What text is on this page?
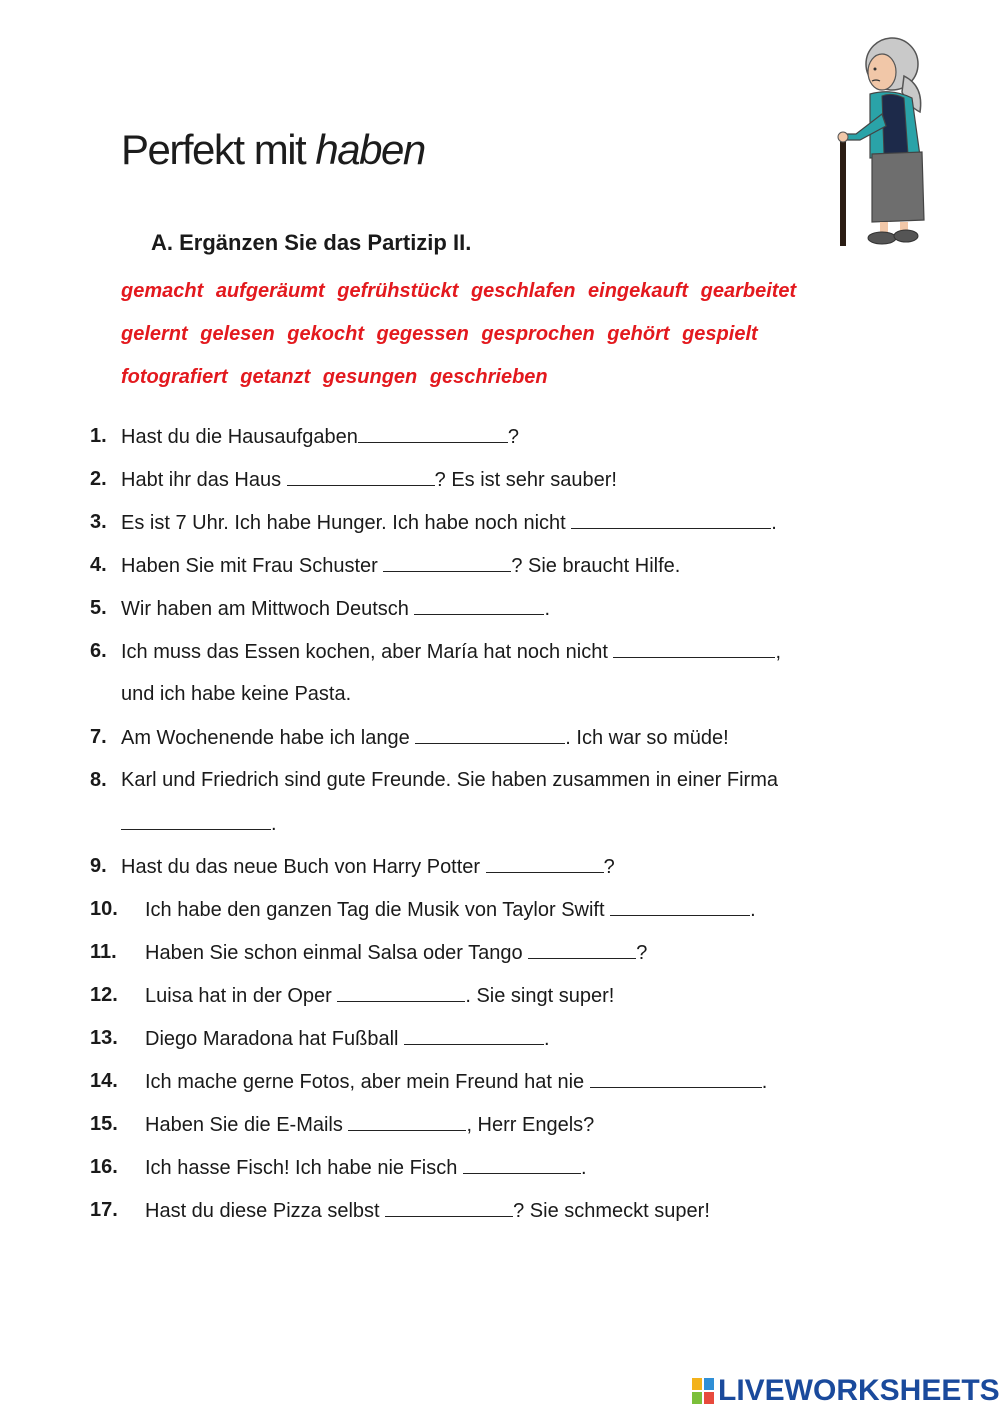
Perfekt mit haben
A. Ergänzen Sie das Partizip II.
gemacht aufgeräumt gefrühstückt geschlafen eingekauft gearbeitet
gelernt gelesen gekocht gegessen gesprochen gehört gespielt
fotografiert getanzt gesungen geschrieben
1. Hast du die Hausaufgaben	?
2. Habt ihr das Haus	? Es ist sehr sauber!
3. Es ist 7 Uhr. Ich habe Hunger. Ich habe noch nicht	.
4. Haben Sie mit Frau Schuster	? Sie braucht Hilfe.
5. Wir haben am Mittwoch Deutsch	.
6. Ich muss das Essen kochen, aber María hat noch nicht	,
und ich habe keine Pasta.
7. Am Wochenende habe ich lange	. Ich war so müde!
8. Karl und Friedrich sind gute Freunde. Sie haben zusammen in einer Firma
.
9. Hast du das neue Buch von Harry Potter	?
10. Ich habe den ganzen Tag die Musik von Taylor Swift	.
11. Haben Sie schon einmal Salsa oder Tango	?
12. Luisa hat in der Oper	. Sie singt super!
13. Diego Maradona hat Fußball	.
14. Ich mache gerne Fotos, aber mein Freund hat nie	.
15. Haben Sie die E-Mails	, Herr Engels?
16. Ich hasse Fisch! Ich habe nie Fisch	.
17. Hast du diese Pizza selbst	? Sie schmeckt super!
LIVEWORKSHEETS
